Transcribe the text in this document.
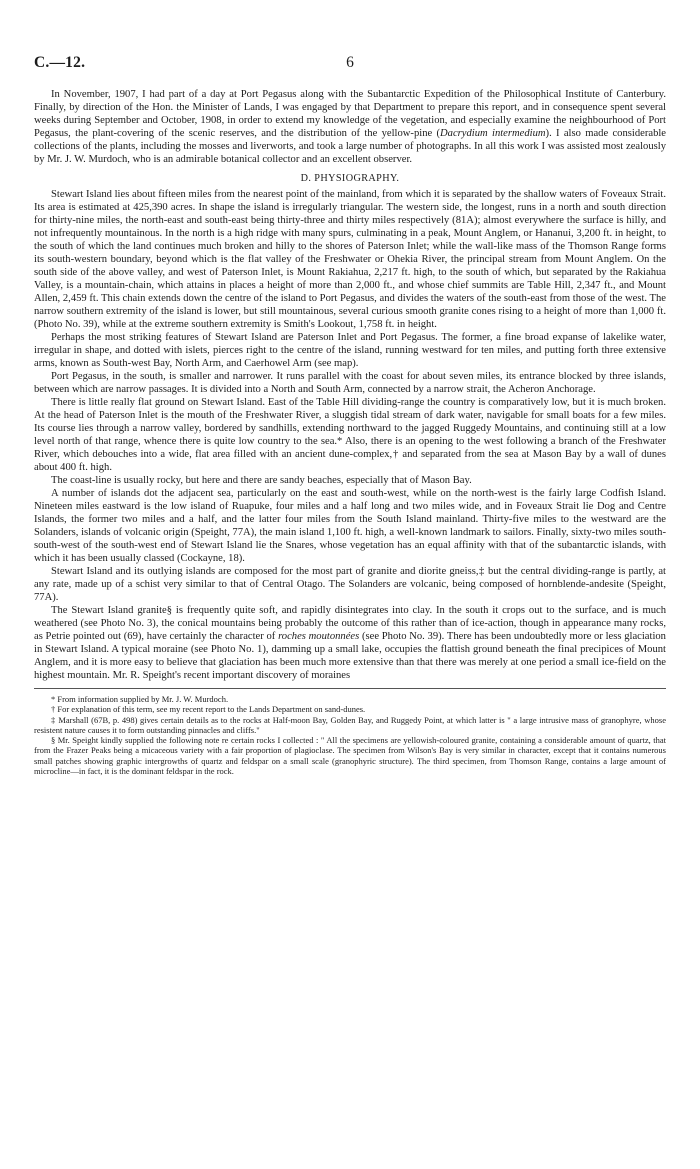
C.—12.	6

In November, 1907, I had part of a day at Port Pegasus along with the Subantarctic Expedition of the Philosophical Institute of Canterbury. Finally, by direction of the Hon. the Minister of Lands, I was engaged by that Department to prepare this report, and in consequence spent several weeks during September and October, 1908, in order to extend my knowledge of the vegetation, and especially examine the neighbourhood of Port Pegasus, the plant-covering of the scenic reserves, and the distribution of the yellow-pine (Dacrydium intermedium). I also made considerable collections of the plants, including the mosses and liverworts, and took a large number of photographs. In all this work I was assisted most zealously by Mr. J. W. Murdoch, who is an admirable botanical collector and an excellent observer.

D. PHYSIOGRAPHY.

Stewart Island lies about fifteen miles from the nearest point of the mainland, from which it is separated by the shallow waters of Foveaux Strait. Its area is estimated at 425,390 acres. In shape the island is irregularly triangular. The western side, the longest, runs in a north and south direction for thirty-nine miles, the north-east and south-east being thirty-three and thirty miles respectively (81A); almost everywhere the surface is hilly, and not infrequently mountainous. In the north is a high ridge with many spurs, culminating in a peak, Mount Anglem, or Hananui, 3,200 ft. in height, to the south of which the land continues much broken and hilly to the shores of Paterson Inlet; while the wall-like mass of the Thomson Range forms its south-western boundary, beyond which is the flat valley of the Freshwater or Ohekia River, the principal stream from Mount Anglem. On the south side of the above valley, and west of Paterson Inlet, is Mount Rakiahua, 2,217 ft. high, to the south of which, but separated by the Rakiahua Valley, is a mountain-chain, which attains in places a height of more than 2,000 ft., and whose chief summits are Table Hill, 2,347 ft., and Mount Allen, 2,459 ft. This chain extends down the centre of the island to Port Pegasus, and divides the waters of the south-east from those of the west. The narrow southern extremity of the island is lower, but still mountainous, several curious smooth granite cones rising to a height of more than 1,000 ft. (Photo No. 39), while at the extreme southern extremity is Smith's Lookout, 1,758 ft. in height.

Perhaps the most striking features of Stewart Island are Paterson Inlet and Port Pegasus. The former, a fine broad expanse of lakelike water, irregular in shape, and dotted with islets, pierces right to the centre of the island, running westward for ten miles, and putting forth three extensive arms, known as South-west Bay, North Arm, and Caerhowel Arm (see map).

Port Pegasus, in the south, is smaller and narrower. It runs parallel with the coast for about seven miles, its entrance blocked by three islands, between which are narrow passages. It is divided into a North and South Arm, connected by a narrow strait, the Acheron Anchorage.

There is little really flat ground on Stewart Island. East of the Table Hill dividing-range the country is comparatively low, but it is much broken. At the head of Paterson Inlet is the mouth of the Freshwater River, a sluggish tidal stream of dark water, navigable for small boats for a few miles. Its course lies through a narrow valley, bordered by sandhills, extending northward to the jagged Ruggedy Mountains, and continuing still at a low level north of that range, whence there is quite low country to the sea.* Also, there is an opening to the west following a branch of the Freshwater River, which debouches into a wide, flat area filled with an ancient dune-complex,† and separated from the sea at Mason Bay by a wall of dunes about 400 ft. high.

The coast-line is usually rocky, but here and there are sandy beaches, especially that of Mason Bay.

A number of islands dot the adjacent sea, particularly on the east and south-west, while on the north-west is the fairly large Codfish Island. Nineteen miles eastward is the low island of Ruapuke, four miles and a half long and two miles wide, and in Foveaux Strait lie Dog and Centre Islands, the former two miles and a half, and the latter four miles from the South Island mainland. Thirty-five miles to the westward are the Solanders, islands of volcanic origin (Speight, 77A), the main island 1,100 ft. high, a well-known landmark to sailors. Finally, sixty-two miles south-south-west of the south-west end of Stewart Island lie the Snares, whose vegetation has an equal affinity with that of the subantarctic islands, with which it has been usually classed (Cockayne, 18).

Stewart Island and its outlying islands are composed for the most part of granite and diorite gneiss,‡ but the central dividing-range is partly, at any rate, made up of a schist very similar to that of Central Otago. The Solanders are volcanic, being composed of hornblende-andesite (Speight, 77A).

The Stewart Island granite§ is frequently quite soft, and rapidly disintegrates into clay. In the south it crops out to the surface, and is much weathered (see Photo No. 3), the conical mountains being probably the outcome of this rather than of ice-action, though in appearance many rocks, as Petrie pointed out (69), have certainly the character of roches moutonnées (see Photo No. 39). There has been undoubtedly more or less glaciation in Stewart Island. A typical moraine (see Photo No. 1), damming up a small lake, occupies the flattish ground beneath the final precipices of Mount Anglem, and it is more easy to believe that glaciation has been much more extensive than that there was merely at one period a small ice-field on the highest mountain. Mr. R. Speight's recent important discovery of moraines

* From information supplied by Mr. J. W. Murdoch.

† For explanation of this term, see my recent report to the Lands Department on sand-dunes.

‡ Marshall (67B, p. 498) gives certain details as to the rocks at Half-moon Bay, Golden Bay, and Ruggedy Point, at which latter is " a large intrusive mass of granophyre, whose resistent nature causes it to form outstanding pinnacles and cliffs."

§ Mr. Speight kindly supplied the following note re certain rocks I collected : " All the specimens are yellowish-coloured granite, containing a considerable amount of quartz, that from the Frazer Peaks being a micaceous variety with a fair proportion of plagioclase. The specimen from Wilson's Bay is very similar in character, except that it contains numerous small patches showing graphic intergrowths of quartz and feldspar on a small scale (granophyric structure). The third specimen, from Thomson Range, contains a large amount of microcline—in fact, it is the dominant feldspar in the rock.
